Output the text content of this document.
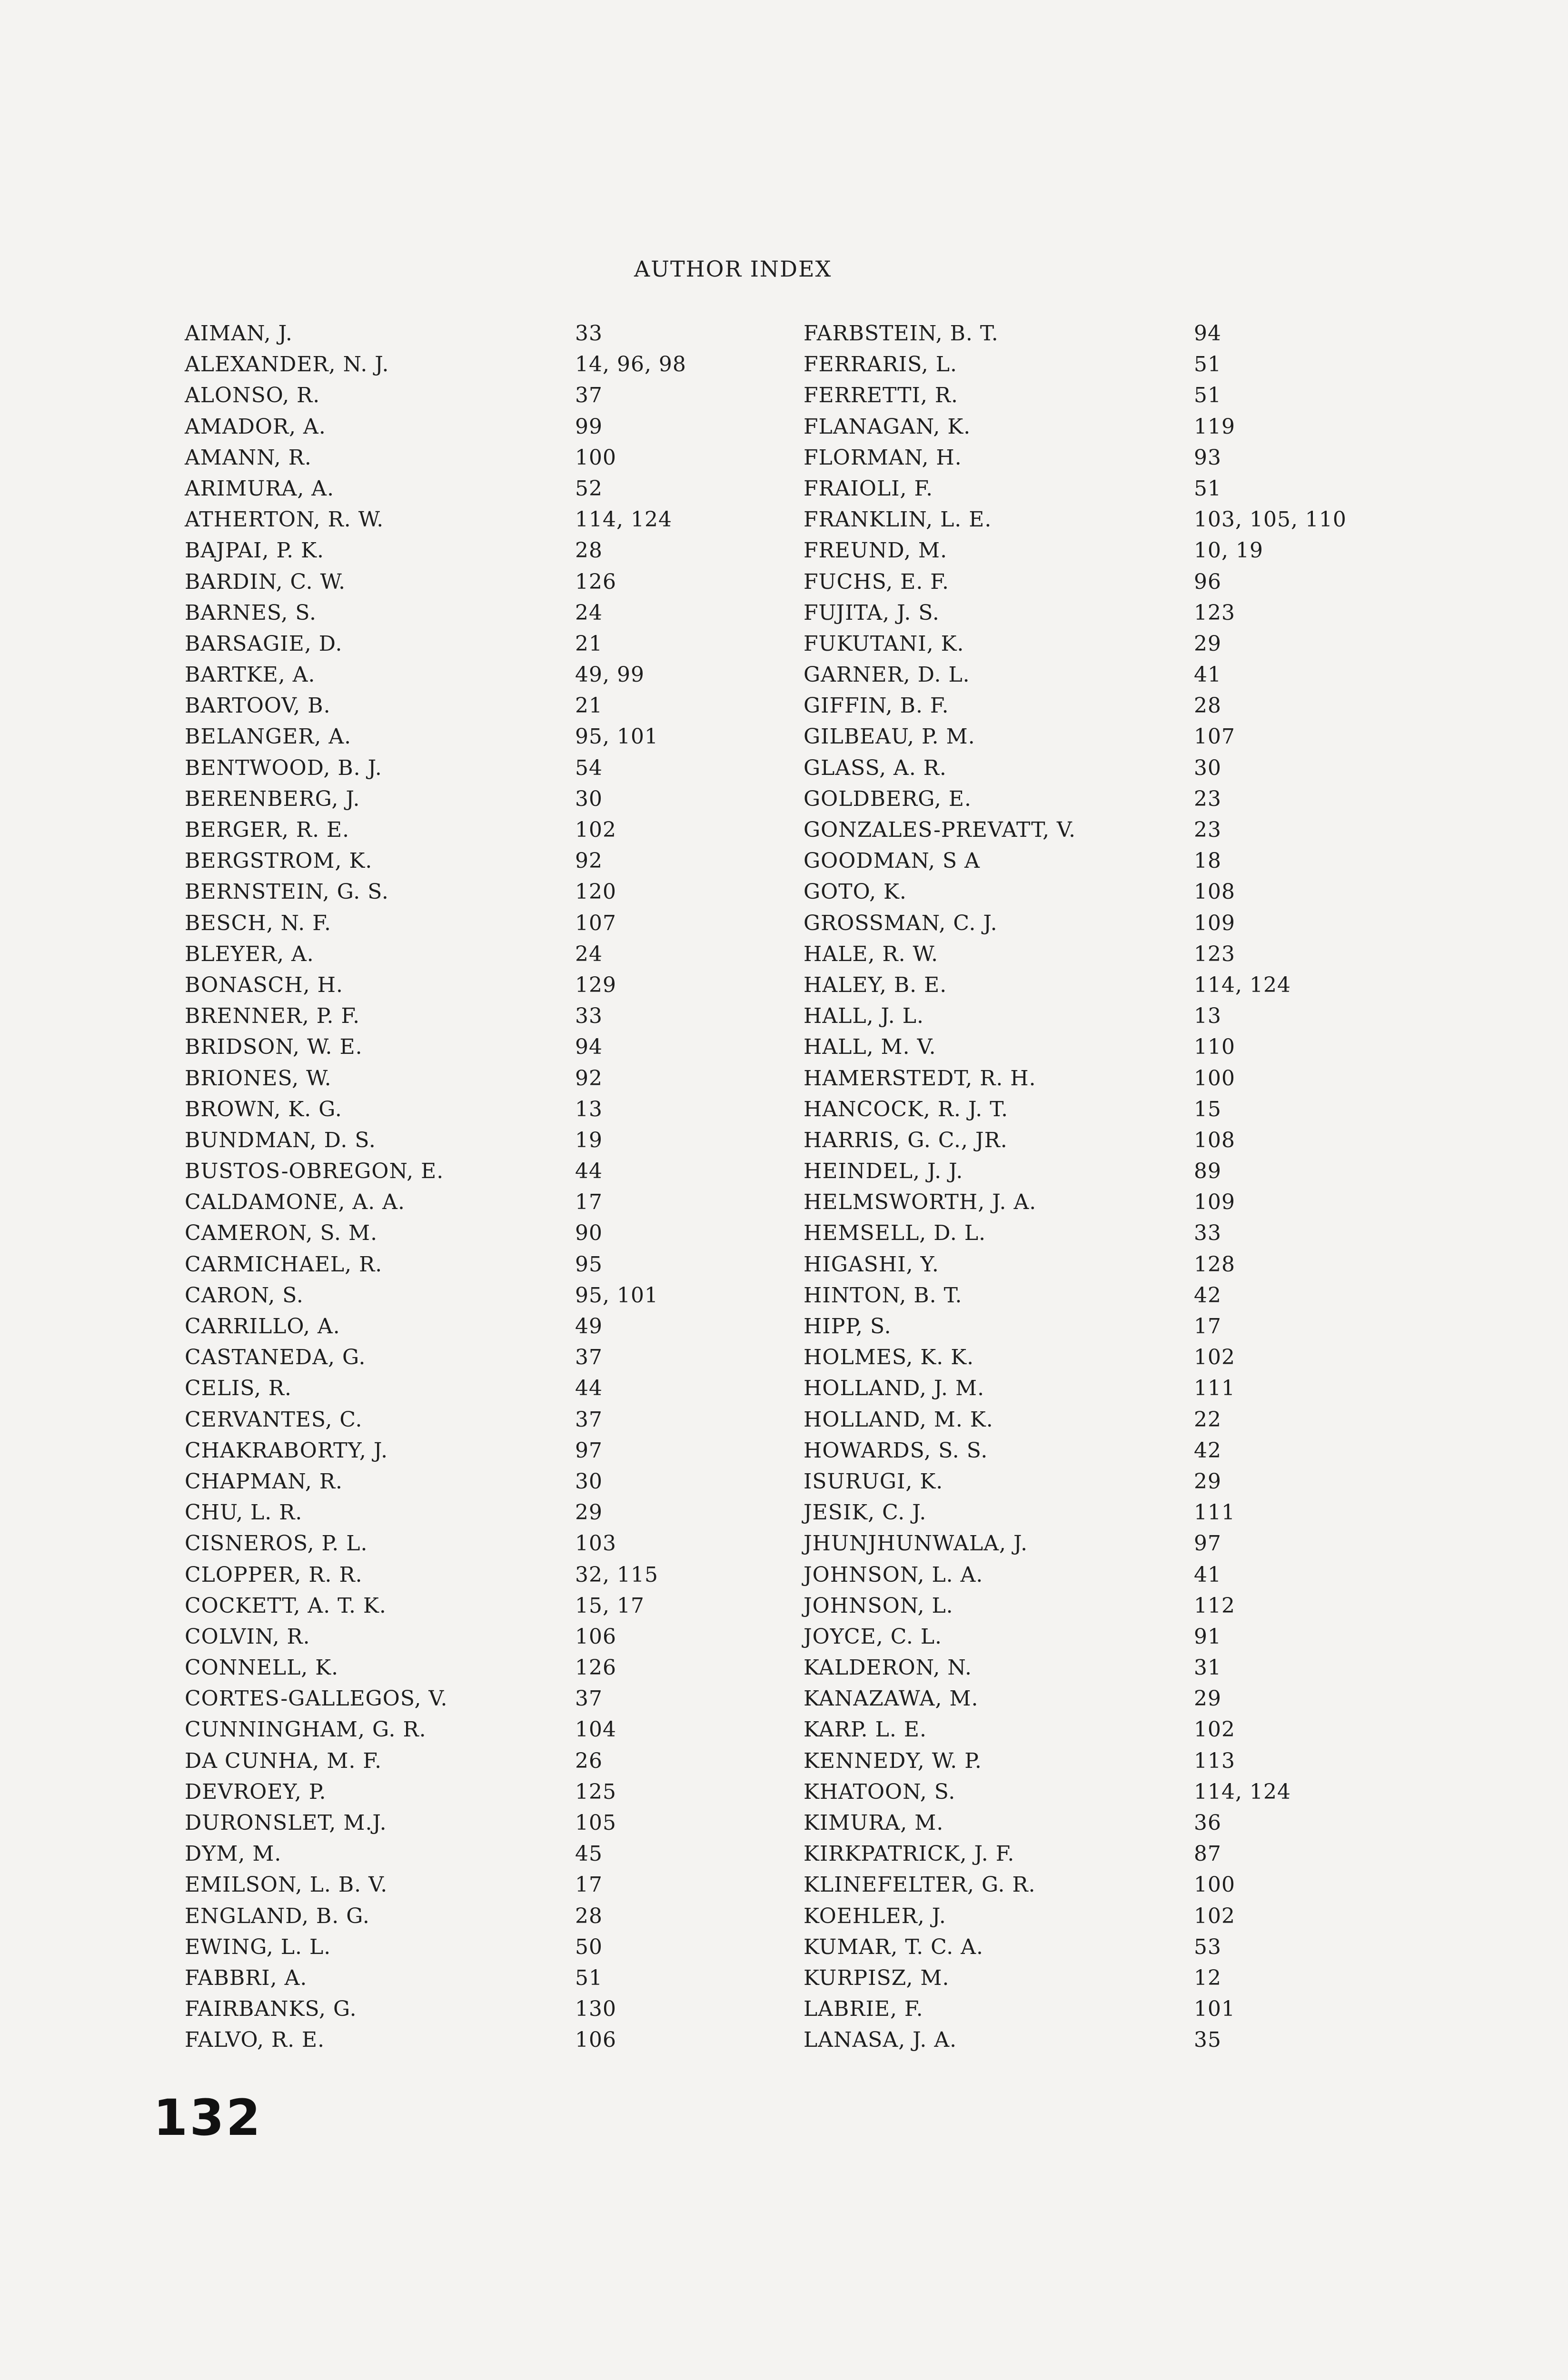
AUTHOR INDEX
AIMAN, J.	33
ALEXANDER, N. J.	14, 96, 98
ALONSO, R.	37
AMADOR, A.	99
AMANN, R.	100
ARIMURA, A.	52
ATHERTON, R. W.	114, 124
BAJPAI, P. K.	28
BARDIN, C. W.	126
BARNES, S.	24
BARSAGIE, D.	21
BARTKE, A.	49, 99
BARTOOV, B.	21
BELANGER, A.	95, 101
BENTWOOD, B. J.	54
BERENBERG, J.	30
BERGER, R. E.	102
BERGSTROM, K.	92
BERNSTEIN, G. S.	120
BESCH, N. F.	107
BLEYER, A.	24
BONASCH, H.	129
BRENNER, P. F.	33
BRIDSON, W. E.	94
BRIONES, W.	92
BROWN, K. G.	13
BUNDMAN, D. S.	19
BUSTOS-OBREGON, E.	44
CALDAMONE, A. A.	17
CAMERON, S. M.	90
CARMICHAEL, R.	95
CARON, S.	95, 101
CARRILLO, A.	49
CASTANEDA, G.	37
CELIS, R.	44
CERVANTES, C.	37
CHAKRABORTY, J.	97
CHAPMAN, R.	30
CHU, L. R.	29
CISNEROS, P. L.	103
CLOPPER, R. R.	32, 115
COCKETT, A. T. K.	15, 17
COLVIN, R.	106
CONNELL, K.	126
CORTES-GALLEGOS, V.	37
CUNNINGHAM, G. R.	104
DA CUNHA, M. F.	26
DEVROEY, P.	125
DURONSLET, M.J.	105
DYM, M.	45
EMILSON, L. B. V.	17
ENGLAND, B. G.	28
EWING, L. L.	50
FABBRI, A.	51
FAIRBANKS, G.	130
FALVO, R. E.	106
FARBSTEIN, B. T.	94
FERRARIS, L.	51
FERRETTI, R.	51
FLANAGAN, K.	119
FLORMAN, H.	93
FRAIOLI, F.	51
FRANKLIN, L. E.	103, 105, 110
FREUND, M.	10, 19
FUCHS, E. F.	96
FUJITA, J. S.	123
FUKUTANI, K.	29
GARNER, D. L.	41
GIFFIN, B. F.	28
GILBEAU, P. M.	107
GLASS, A. R.	30
GOLDBERG, E.	23
GONZALES-PREVATT, V.	23
GOODMAN, S A	18
GOTO, K.	108
GROSSMAN, C. J.	109
HALE, R. W.	123
HALEY, B. E.	114, 124
HALL, J. L.	13
HALL, M. V.	110
HAMERSTEDT, R. H.	100
HANCOCK, R. J. T.	15
HARRIS, G. C., JR.	108
HEINDEL, J. J.	89
HELMSWORTH, J. A.	109
HEMSELL, D. L.	33
HIGASHI, Y.	128
HINTON, B. T.	42
HIPP, S.	17
HOLMES, K. K.	102
HOLLAND, J. M.	111
HOLLAND, M. K.	22
HOWARDS, S. S.	42
ISURUGI, K.	29
JESIK, C. J.	111
JHUNJHUNWALA, J.	97
JOHNSON, L. A.	41
JOHNSON, L.	112
JOYCE, C. L.	91
KALDERON, N.	31
KANAZAWA, M.	29
KARP. L. E.	102
KENNEDY, W. P.	113
KHATOON, S.	114, 124
KIMURA, M.	36
KIRKPATRICK, J. F.	87
KLINEFELTER, G. R.	100
KOEHLER, J.	102
KUMAR, T. C. A.	53
KURPISZ, M.	12
LABRIE, F.	101
LANASA, J. A.	35
132
